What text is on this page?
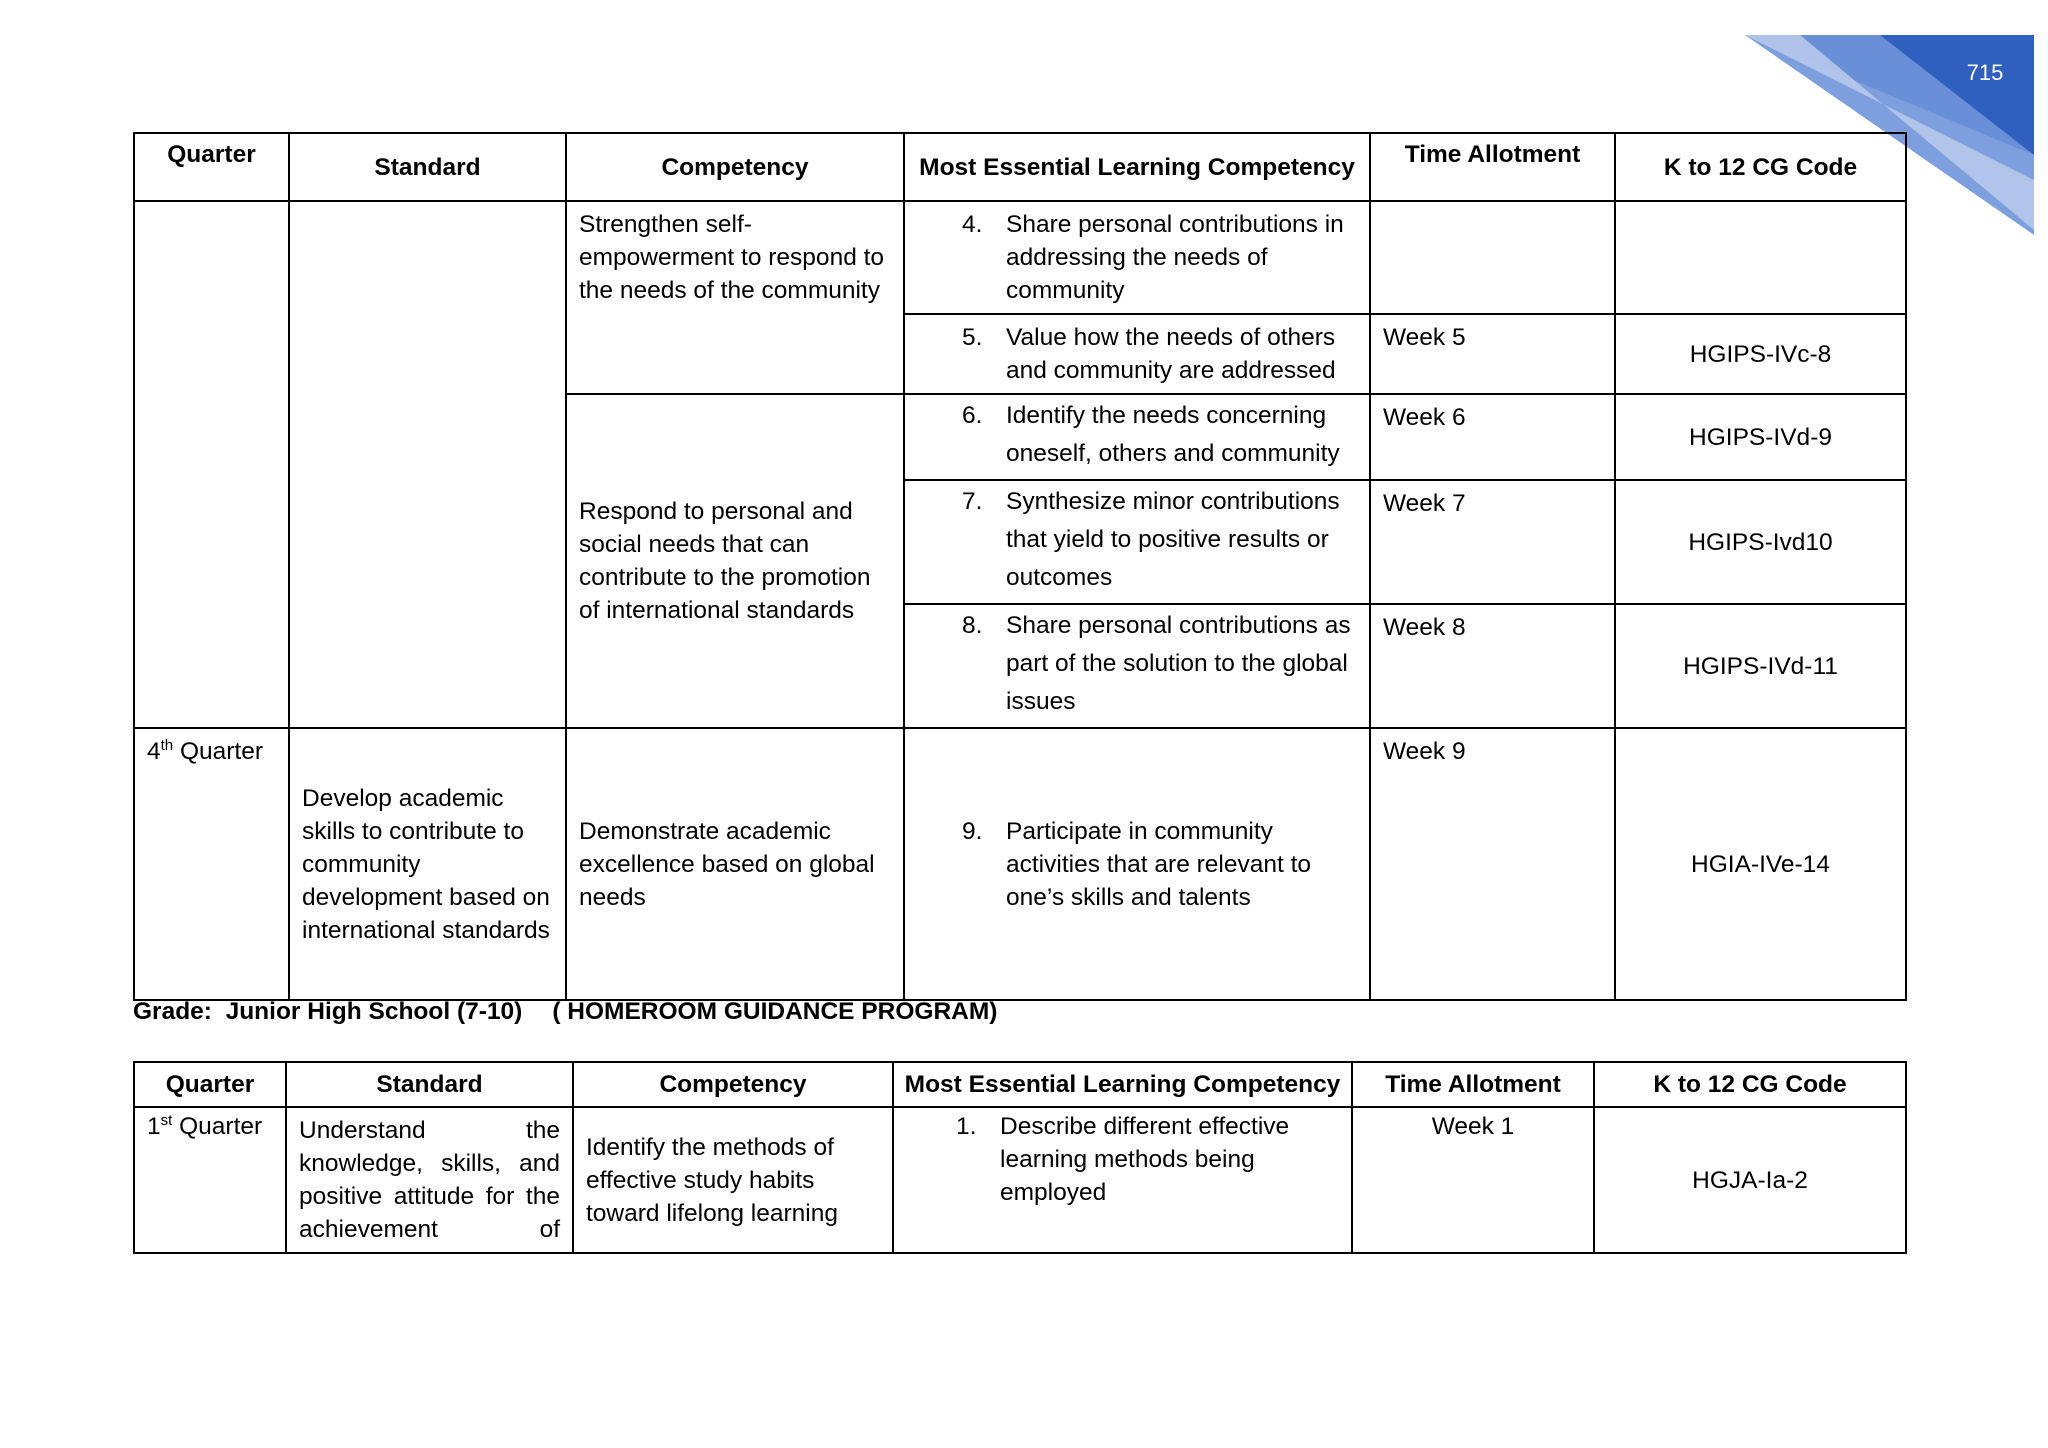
715
Quarter	Standard	Competency	Most Essential Learning Competency	Time Allotment	K to 12 CG Code
		Strengthen self-empowerment to respond to the needs of the community	4. Share personal contributions in addressing the needs of community		

			5. Value how the needs of others and community are addressed	Week 5	HGIPS-IVc-8
		Respond to personal and social needs that can contribute to the promotion of international standards	6. Identify the needs concerning oneself, others and community	Week 6	HGIPS-IVd-9

			7. Synthesize minor contributions that yield to positive results or outcomes	Week 7	HGIPS-Ivd10

			8. Share personal contributions as part of the solution to the global issues	Week 8	HGIPS-IVd-11
4th Quarter	Develop academic skills to contribute to community development based on international standards	Demonstrate academic excellence based on global needs	9. Participate in community activities that are relevant to one’s skills and talents	Week 9	HGIA-IVe-14
Grade:  Junior High School (7-10) ( HOMEROOM GUIDANCE PROGRAM)
Quarter	Standard	Competency	Most Essential Learning Competency	Time Allotment	K to 12 CG Code
1st Quarter	Understand the knowledge, skills, and positive attitude for the achievement of	Identify the methods of effective study habits toward lifelong learning	1. Describe different effective learning methods being employed	Week 1	HGJA-Ia-2
